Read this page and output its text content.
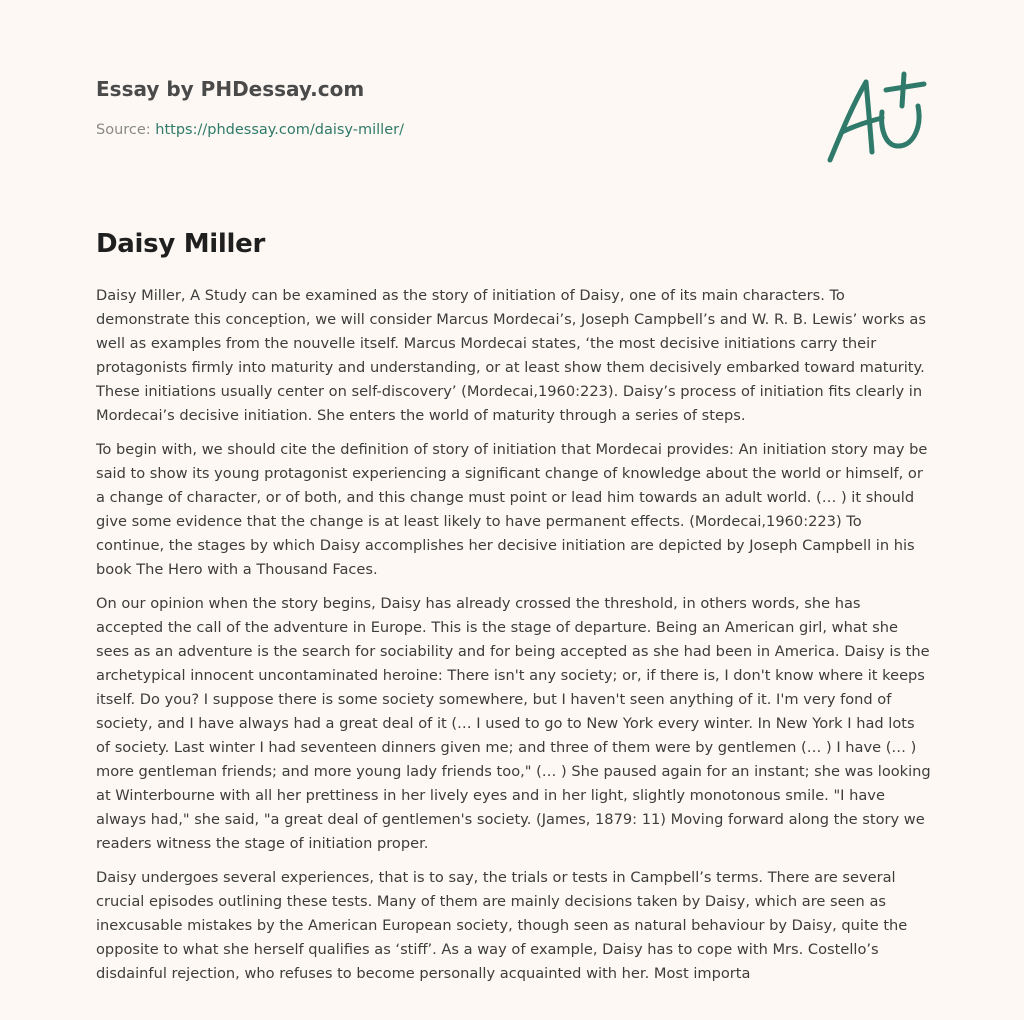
Essay by PHDessay.com
Source: https://phdessay.com/daisy-miller/
Daisy Miller

Daisy Miller, A Study can be examined as the story of initiation of Daisy, one of its main characters. To demonstrate this conception, we will consider Marcus Mordecai’s, Joseph Campbell’s and W. R. B. Lewis’ works as well as examples from the nouvelle itself. Marcus Mordecai states, ‘the most decisive initiations carry their protagonists firmly into maturity and understanding, or at least show them decisively embarked toward maturity. These initiations usually center on self-discovery’ (Mordecai,1960:223). Daisy’s process of initiation fits clearly in Mordecai’s decisive initiation. She enters the world of maturity through a series of steps.

To begin with, we should cite the definition of story of initiation that Mordecai provides: An initiation story may be said to show its young protagonist experiencing a significant change of knowledge about the world or himself, or a change of character, or of both, and this change must point or lead him towards an adult world. (… ) it should give some evidence that the change is at least likely to have permanent effects. (Mordecai,1960:223) To continue, the stages by which Daisy accomplishes her decisive initiation are depicted by Joseph Campbell in his book The Hero with a Thousand Faces.

On our opinion when the story begins, Daisy has already crossed the threshold, in others words, she has accepted the call of the adventure in Europe. This is the stage of departure. Being an American girl, what she sees as an adventure is the search for sociability and for being accepted as she had been in America. Daisy is the archetypical innocent uncontaminated heroine: There isn't any society; or, if there is, I don't know where it keeps itself. Do you? I suppose there is some society somewhere, but I haven't seen anything of it. I'm very fond of society, and I have always had a great deal of it (… I used to go to New York every winter. In New York I had lots of society. Last winter I had seventeen dinners given me; and three of them were by gentlemen (… ) I have (… ) more gentleman friends; and more young lady friends too," (… ) She paused again for an instant; she was looking at Winterbourne with all her prettiness in her lively eyes and in her light, slightly monotonous smile. "I have always had," she said, "a great deal of gentlemen's society. (James, 1879: 11) Moving forward along the story we readers witness the stage of initiation proper.

Daisy undergoes several experiences, that is to say, the trials or tests in Campbell’s terms. There are several crucial episodes outlining these tests. Many of them are mainly decisions taken by Daisy, which are seen as inexcusable mistakes by the American European society, though seen as natural behaviour by Daisy, quite the opposite to what she herself qualifies as ‘stiff’. As a way of example, Daisy has to cope with Mrs. Costello’s disdainful rejection, who refuses to become personally acquainted with her. Most importa
